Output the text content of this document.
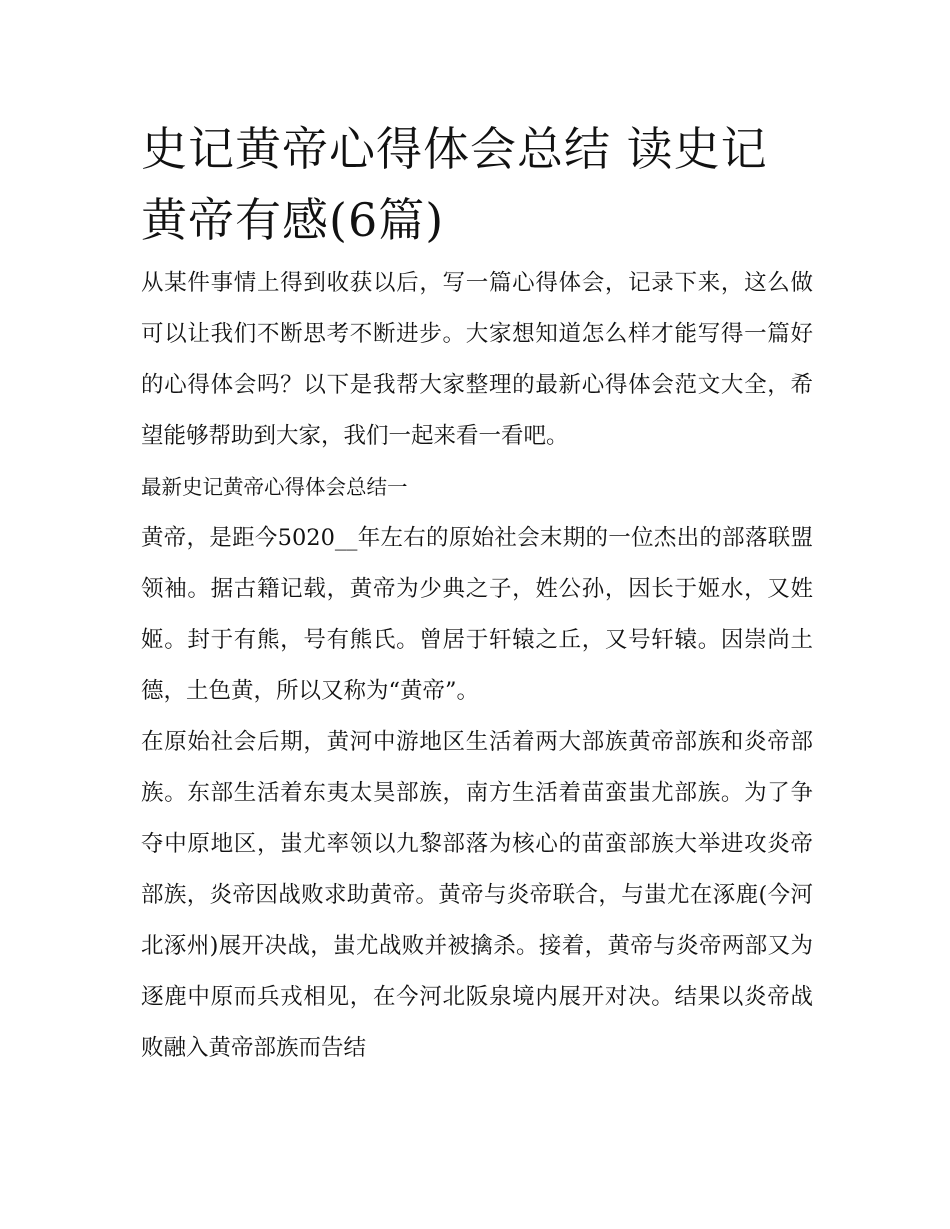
史记黄帝心得体会总结 读史记黄帝有感(6篇)

从某件事情上得到收获以后，写一篇心得体会，记录下来，这么做可以让我们不断思考不断进步。大家想知道怎么样才能写得一篇好的心得体会吗？以下是我帮大家整理的最新心得体会范文大全，希望能够帮助到大家，我们一起来看一看吧。

最新史记黄帝心得体会总结一

黄帝，是距今5020__年左右的原始社会末期的一位杰出的部落联盟领袖。据古籍记载，黄帝为少典之子，姓公孙，因长于姬水，又姓姬。封于有熊，号有熊氏。曾居于轩辕之丘，又号轩辕。因崇尚土德，土色黄，所以又称为“黄帝”。

在原始社会后期，黄河中游地区生活着两大部族黄帝部族和炎帝部族。东部生活着东夷太昊部族，南方生活着苗蛮蚩尤部族。为了争夺中原地区，蚩尤率领以九黎部落为核心的苗蛮部族大举进攻炎帝部族，炎帝因战败求助黄帝。黄帝与炎帝联合，与蚩尤在涿鹿(今河北涿州)展开决战，蚩尤战败并被擒杀。接着，黄帝与炎帝两部又为逐鹿中原而兵戎相见，在今河北阪泉境内展开对决。结果以炎帝战败融入黄帝部族而告结
